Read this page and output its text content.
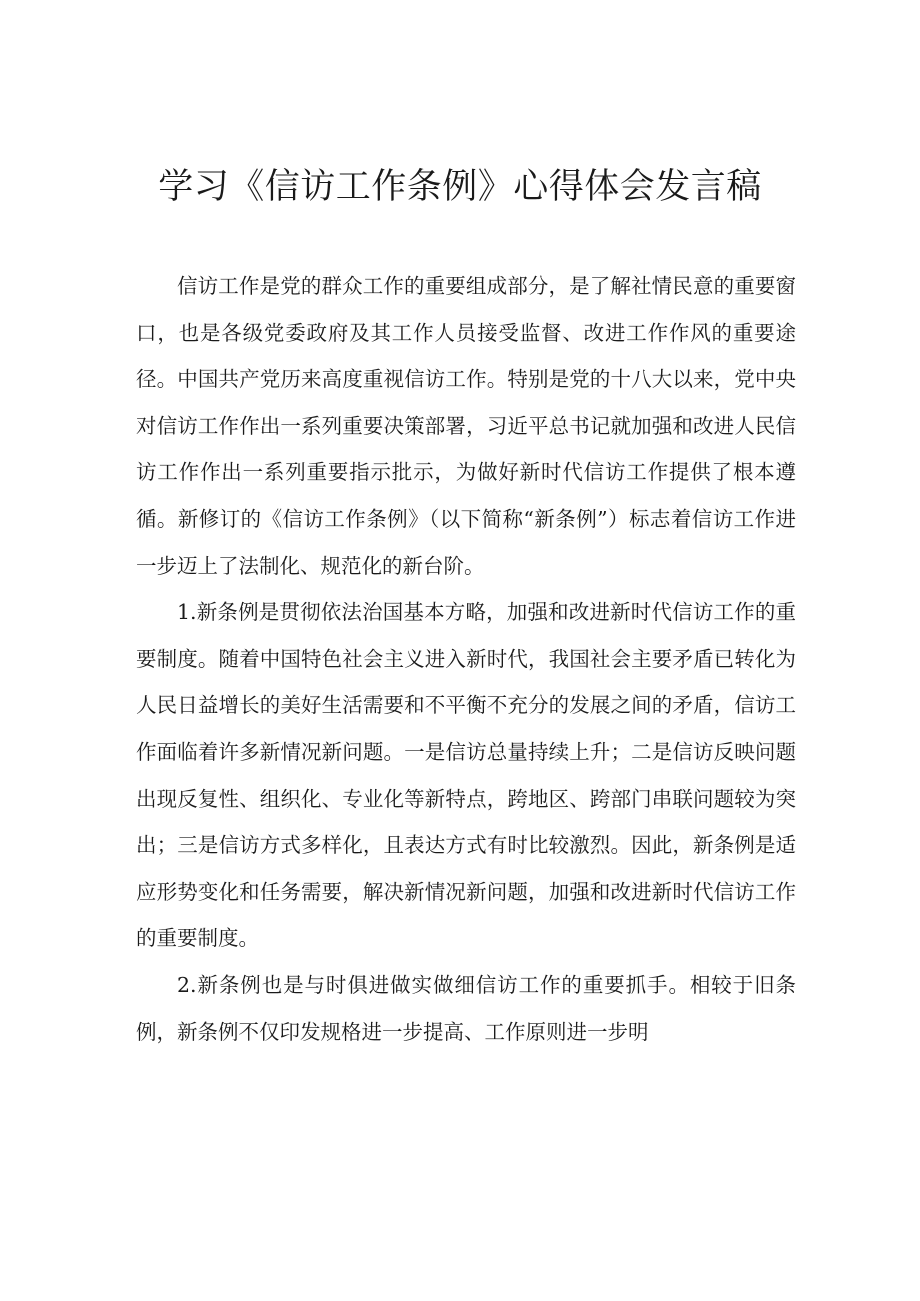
学习《信访工作条例》心得体会发言稿

信访工作是党的群众工作的重要组成部分，是了解社情民意的重要窗口，也是各级党委政府及其工作人员接受监督、改进工作作风的重要途径。中国共产党历来高度重视信访工作。特别是党的十八大以来，党中央对信访工作作出一系列重要决策部署，习近平总书记就加强和改进人民信访工作作出一系列重要指示批示，为做好新时代信访工作提供了根本遵循。新修订的《信访工作条例》（以下简称“新条例”）标志着信访工作进一步迈上了法制化、规范化的新台阶。

1.新条例是贯彻依法治国基本方略，加强和改进新时代信访工作的重要制度。随着中国特色社会主义进入新时代，我国社会主要矛盾已转化为人民日益增长的美好生活需要和不平衡不充分的发展之间的矛盾，信访工作面临着许多新情况新问题。一是信访总量持续上升；二是信访反映问题出现反复性、组织化、专业化等新特点，跨地区、跨部门串联问题较为突出；三是信访方式多样化，且表达方式有时比较激烈。因此，新条例是适应形势变化和任务需要，解决新情况新问题，加强和改进新时代信访工作的重要制度。

2.新条例也是与时俱进做实做细信访工作的重要抓手。相较于旧条例，新条例不仅印发规格进一步提高、工作原则进一步明
